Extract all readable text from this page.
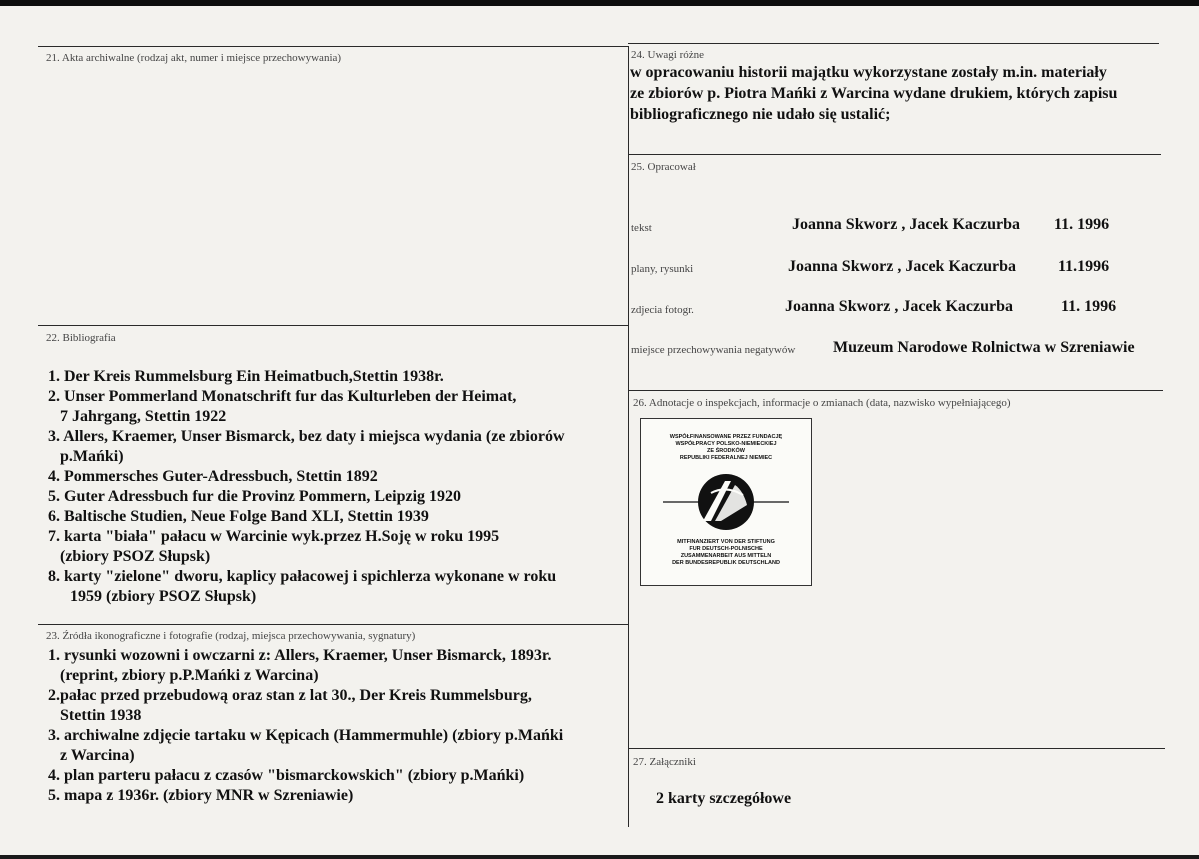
21. Akta archiwalne (rodzaj akt, numer i miejsce przechowywania)
22. Bibliografia
1. Der Kreis Rummelsburg Ein Heimatbuch,Stettin 1938r.
2. Unser Pommerland Monatschrift fur das Kulturleben der Heimat,
7 Jahrgang, Stettin 1922
3. Allers, Kraemer, Unser Bismarck, bez daty i miejsca wydania (ze zbiorów
p.Mańki)
4. Pommersches Guter-Adressbuch, Stettin 1892
5. Guter Adressbuch fur die Provinz Pommern, Leipzig 1920
6. Baltische Studien, Neue Folge Band XLI, Stettin 1939
7. karta "biała" pałacu w Warcinie wyk.przez H.Soję w roku 1995
(zbiory PSOZ Słupsk)
8. karty "zielone" dworu, kaplicy pałacowej i spichlerza wykonane w roku
1959 (zbiory PSOZ Słupsk)
23. Źródła ikonograficzne i fotografie (rodzaj, miejsca przechowywania, sygnatury)
1. rysunki wozowni i owczarni z: Allers, Kraemer, Unser Bismarck, 1893r.
(reprint, zbiory p.P.Mańki z Warcina)
2.pałac przed przebudową oraz stan z lat 30., Der Kreis Rummelsburg,
Stettin 1938
3. archiwalne zdjęcie tartaku w Kępicach (Hammermuhle) (zbiory p.Mańki
z Warcina)
4. plan parteru pałacu z czasów "bismarckowskich" (zbiory p.Mańki)
5. mapa z 1936r. (zbiory MNR w Szreniawie)
24. Uwagi różne
w opracowaniu historii majątku wykorzystane zostały m.in. materiały
ze zbiorów p. Piotra Mańki z Warcina wydane drukiem, których zapisu
bibliograficznego nie udało się ustalić;
25. Opracował
tekst	Joanna Skworz , Jacek Kaczurba 11. 1996
plany, rysunki	Joanna Skworz , Jacek Kaczurba	11.1996
zdjecia fotogr.	Joanna Skworz , Jacek Kaczurba	11. 1996
miejsce przechowywania negatywów Muzeum Narodowe Rolnictwa w Szreniawie
26. Adnotacje o inspekcjach, informacje o zmianach (data, nazwisko wypełniającego)
WSPÓŁFINANSOWANE PRZEZ FUNDACJĘ
WSPÓŁPRACY POLSKO-NIEMIECKIEJ
ZE ŚRODKÓW
REPUBLIKI FEDERALNEJ NIEMIEC
MITFINANZIERT VON DER STIFTUNG
FUR DEUTSCH-POLNISCHE
ZUSAMMENARBEIT AUS MITTELN
DER BUNDESREPUBLIK DEUTSCHLAND
27. Załączniki
2 karty szczegółowe
